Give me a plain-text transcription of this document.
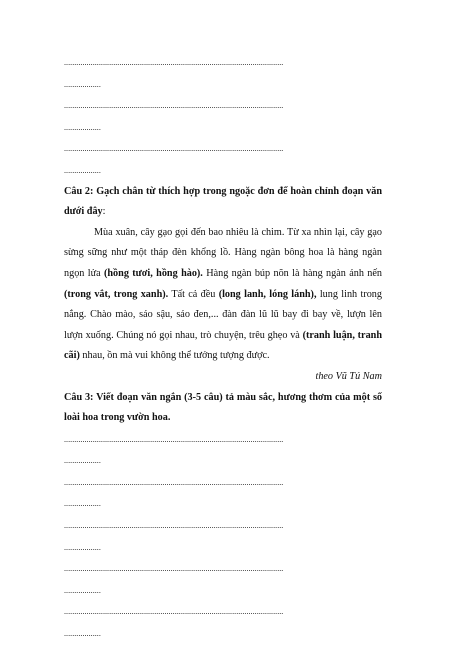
...........................................................................................................
..................
...........................................................................................................
..................
...........................................................................................................
..................

Câu 2: Gạch chân từ thích hợp trong ngoặc đơn để hoàn chỉnh đoạn văn dưới đây:

Mùa xuân, cây gạo gọi đến bao nhiêu là chim. Từ xa nhìn lại, cây gạo sừng sững như một tháp đèn khổng lồ. Hàng ngàn bông hoa là hàng ngàn ngọn lửa (hồng tươi, hồng hào). Hàng ngàn búp nõn là hàng ngàn ánh nến (trong vắt, trong xanh). Tất cả đều (long lanh, lóng lánh), lung linh trong nắng. Chào mào, sáo sậu, sáo đen,... đàn đàn lũ lũ bay đi bay về, lượn lên lượn xuống. Chúng nó gọi nhau, trò chuyện, trêu ghẹo và (tranh luận, tranh cãi) nhau, ồn mà vui không thể tưởng tượng được.

theo Vũ Tú Nam

Câu 3: Viết đoạn văn ngắn (3-5 câu) tả màu sắc, hương thơm của một số loài hoa trong vườn hoa.

...........................................................................................................
..................
...........................................................................................................
..................
...........................................................................................................
..................
...........................................................................................................
..................
...........................................................................................................
..................
